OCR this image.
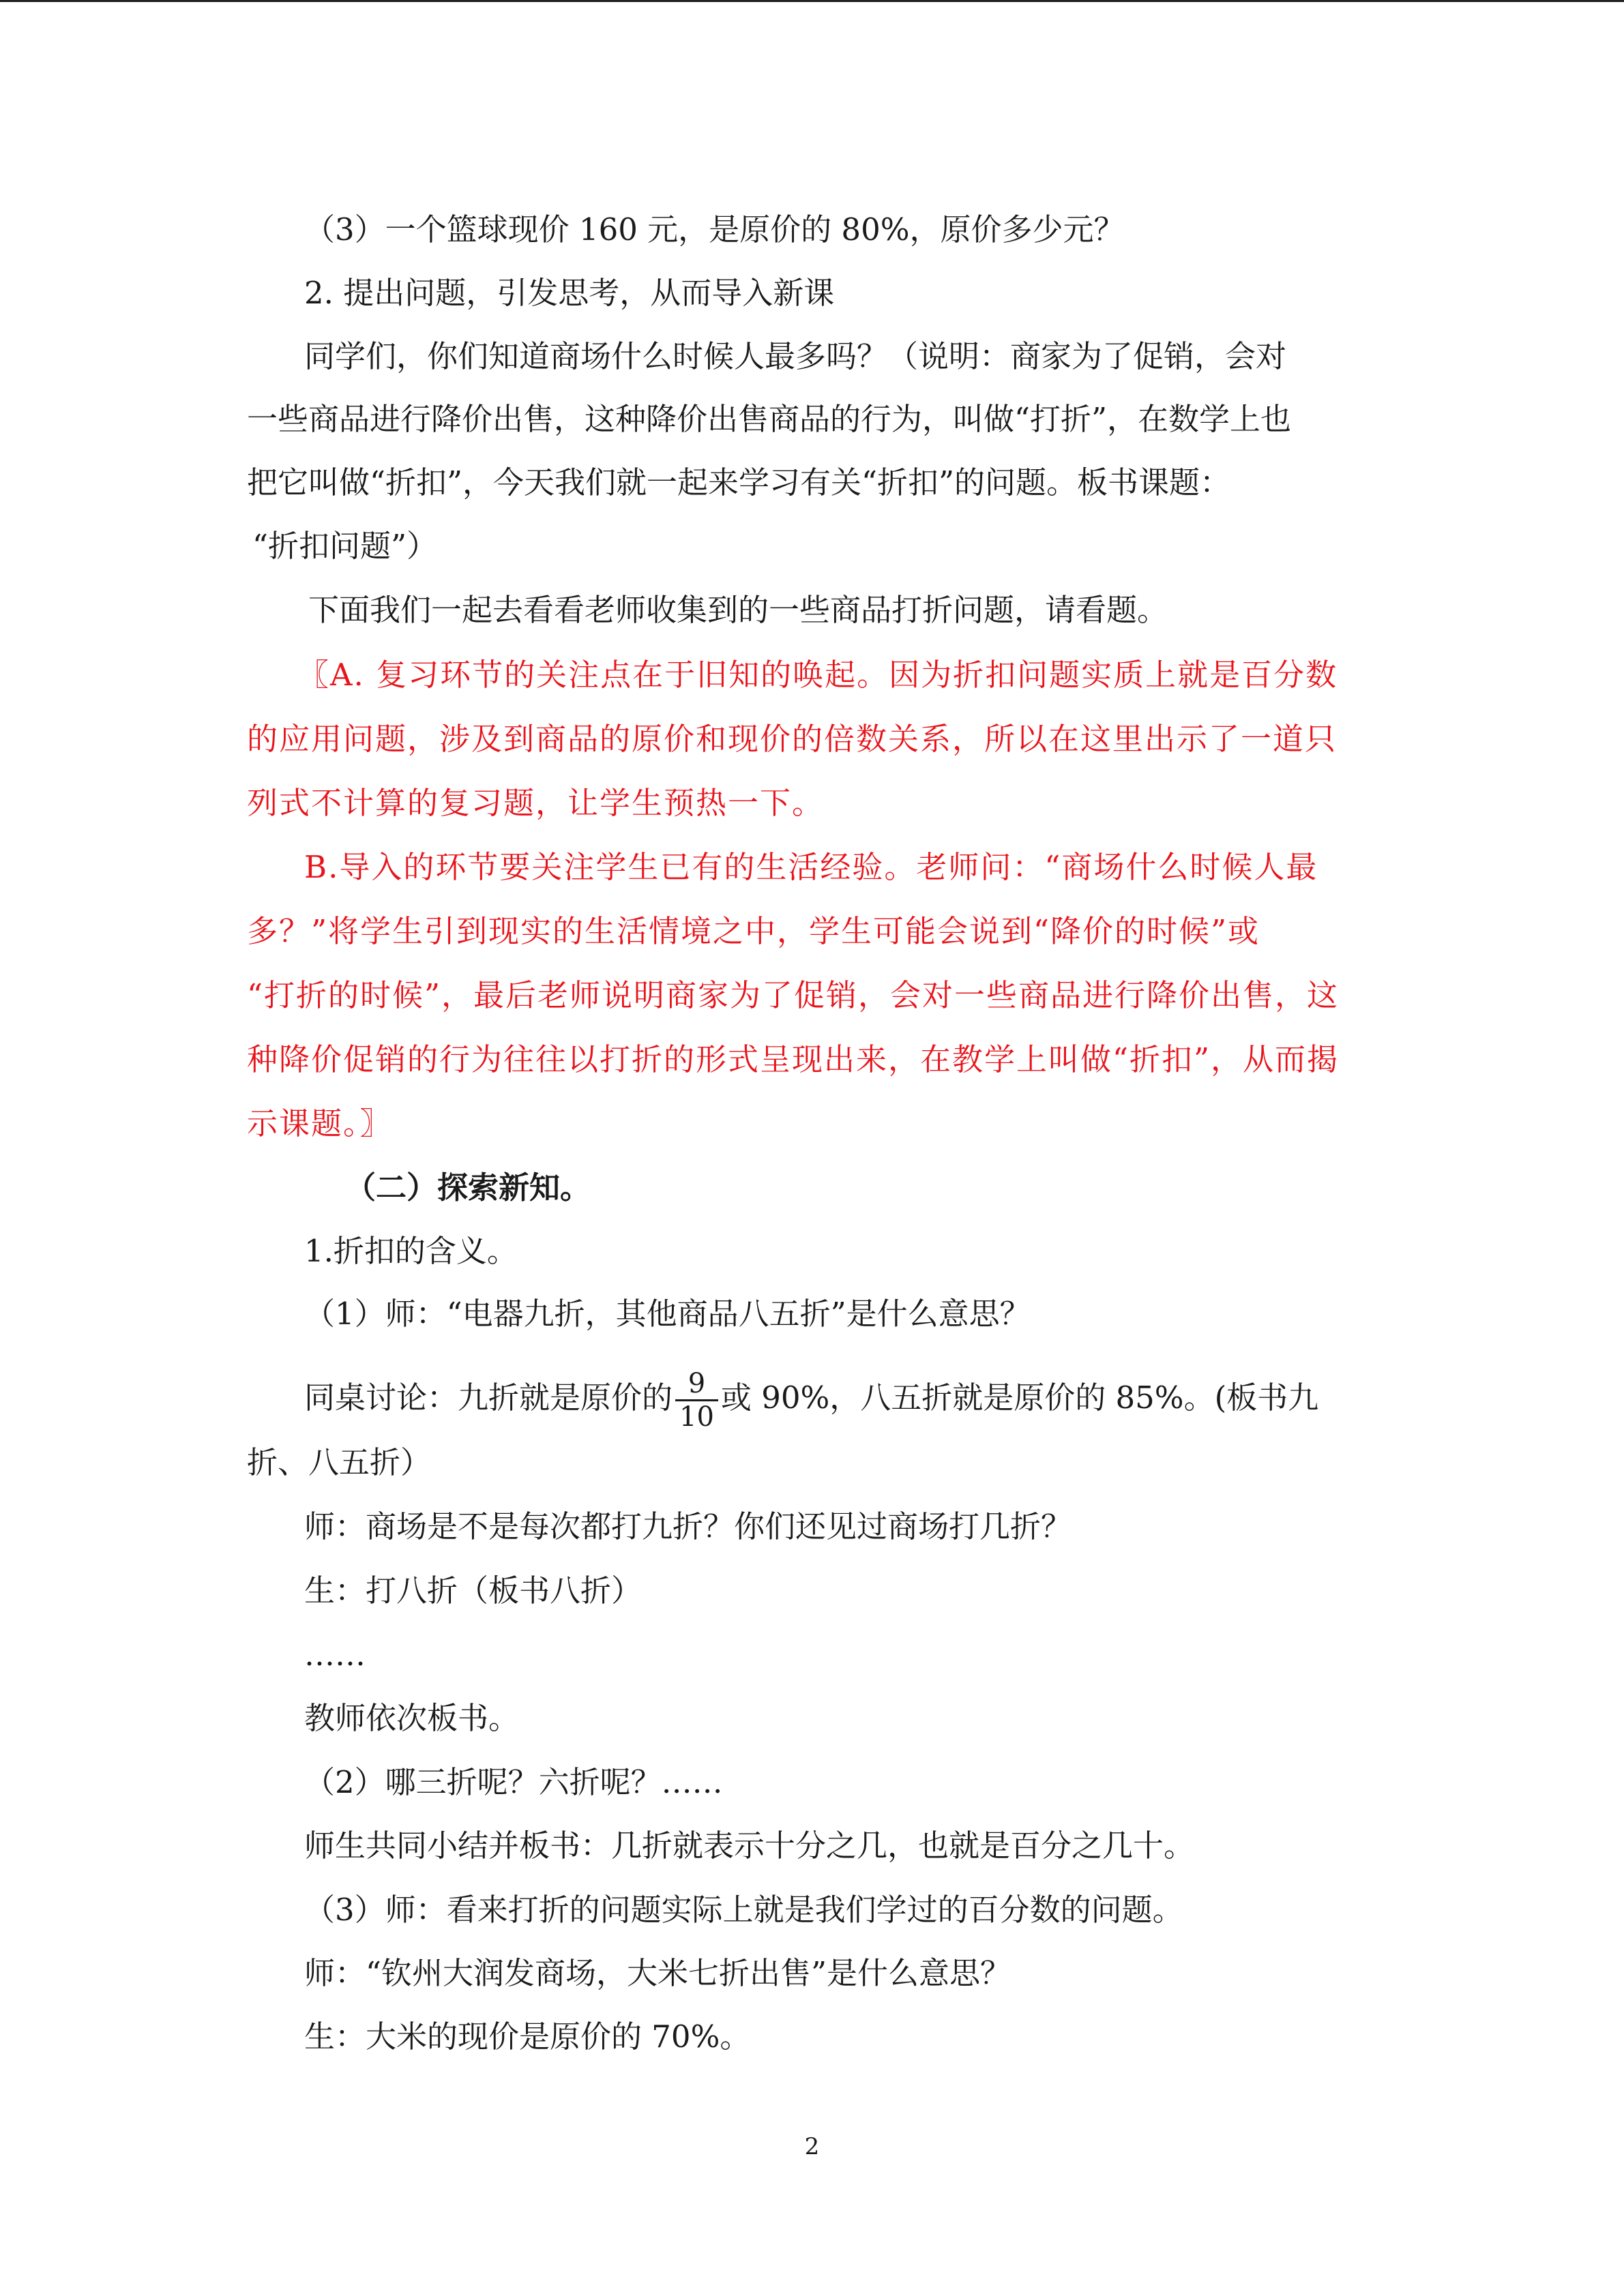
（3）一个篮球现价 160 元，是原价的 80%，原价多少元？
2. 提出问题，引发思考，从而导入新课
同学们，你们知道商场什么时候人最多吗？（说明：商家为了促销，会对
一些商品进行降价出售，这种降价出售商品的行为，叫做“打折”，在数学上也
把它叫做“折扣”，今天我们就一起来学习有关“折扣”的问题。板书课题：
“折扣问题”）
下面我们一起去看看老师收集到的一些商品打折问题，请看题。
〖A. 复习环节的关注点在于旧知的唤起。因为折扣问题实质上就是百分数
的应用问题，涉及到商品的原价和现价的倍数关系，所以在这里出示了一道只
列式不计算的复习题，让学生预热一下。
B.导入的环节要关注学生已有的生活经验。老师问：“商场什么时候人最
多？”将学生引到现实的生活情境之中，学生可能会说到“降价的时候”或
“打折的时候”，最后老师说明商家为了促销，会对一些商品进行降价出售，这
种降价促销的行为往往以打折的形式呈现出来，在教学上叫做“折扣”，从而揭
示课题。〗
（二）探索新知。
1.折扣的含义。
（1）师：“电器九折，其他商品八五折”是什么意思？
同桌讨论：九折就是原价的 $\frac{9}{10}$ 或 90%，八五折就是原价的 85%。(板书九
折、八五折）
师：商场是不是每次都打九折？你们还见过商场打几折？
生：打八折（板书八折）
……
教师依次板书。
（2）哪三折呢？六折呢？……
师生共同小结并板书：几折就表示十分之几，也就是百分之几十。
（3）师：看来打折的问题实际上就是我们学过的百分数的问题。
师：“钦州大润发商场，大米七折出售”是什么意思？
生：大米的现价是原价的 70%。
2
